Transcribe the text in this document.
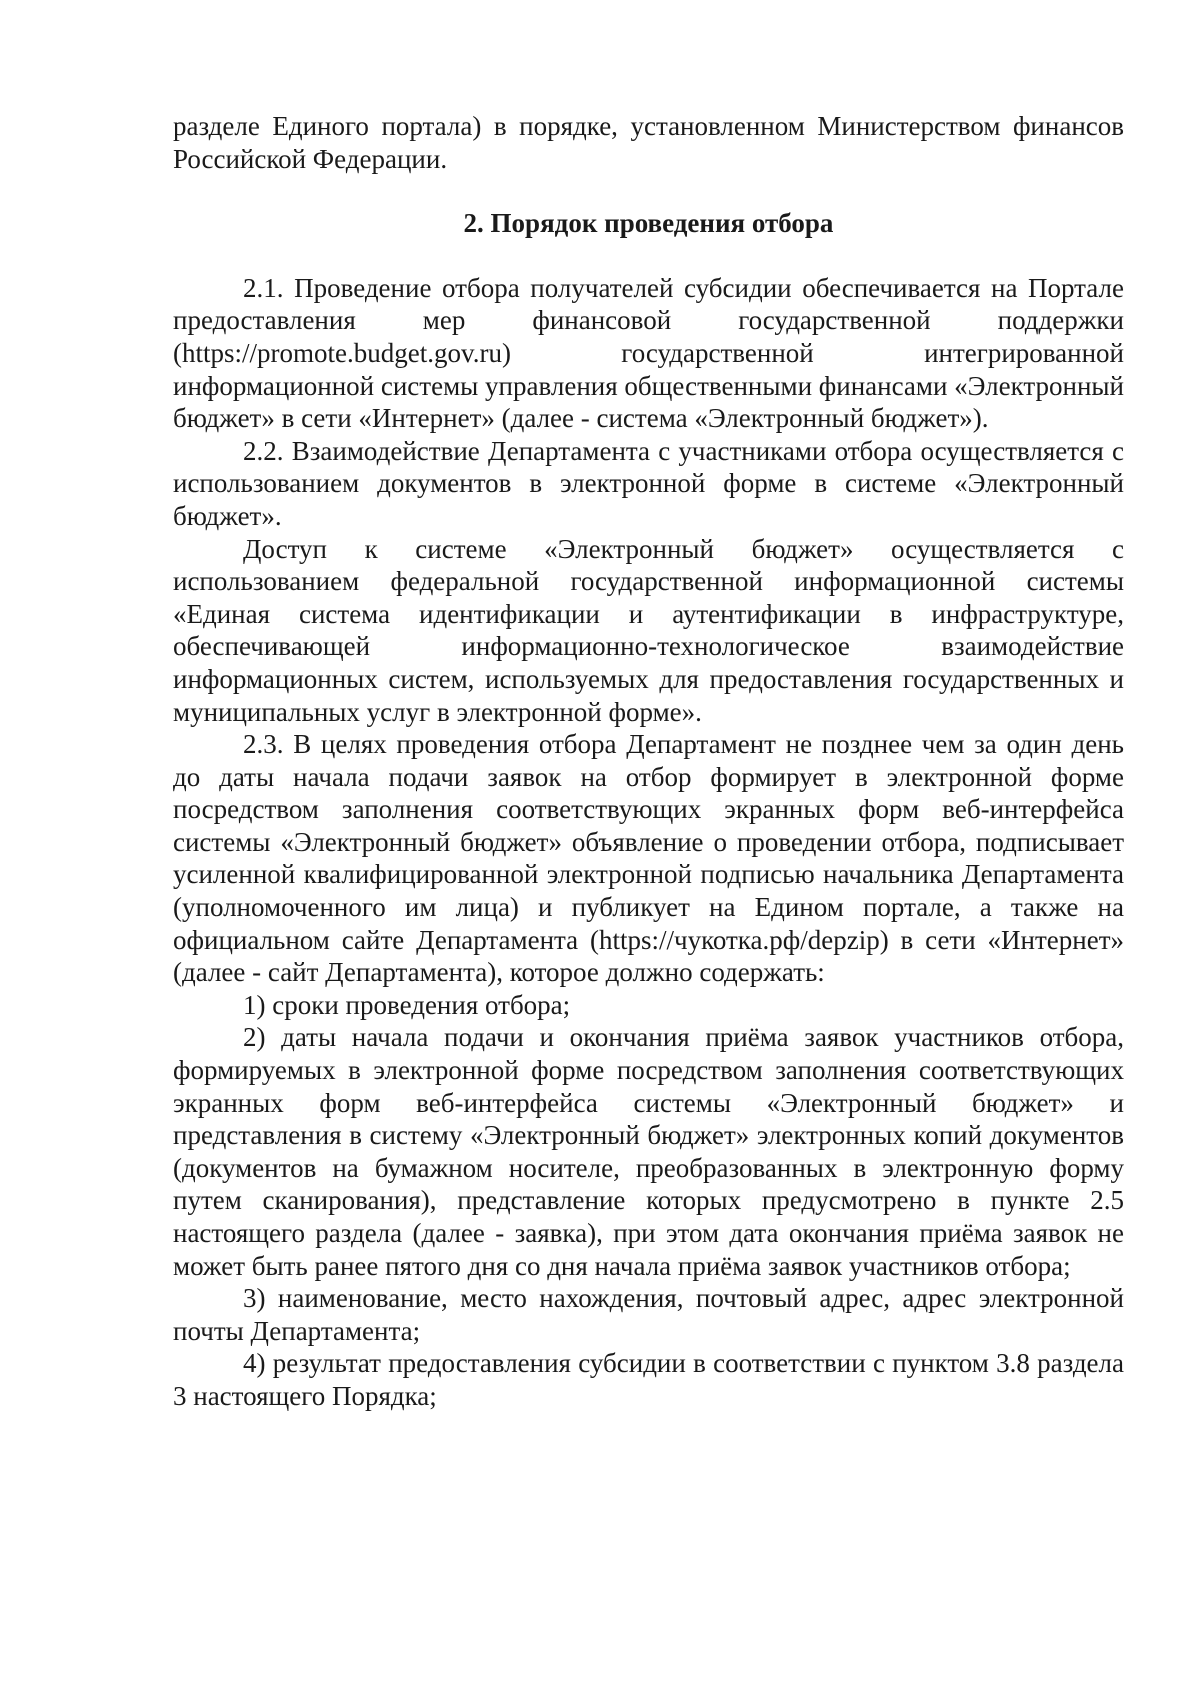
разделе Единого портала) в порядке, установленном Министерством финансов Российской Федерации.

2. Порядок проведения отбора

2.1. Проведение отбора получателей субсидии обеспечивается на Портале предоставления мер финансовой государственной поддержки (https://promote.budget.gov.ru) государственной интегрированной информационной системы управления общественными финансами «Электронный бюджет» в сети «Интернет» (далее - система «Электронный бюджет»).

2.2. Взаимодействие Департамента с участниками отбора осуществляется с использованием документов в электронной форме в системе «Электронный бюджет».

Доступ к системе «Электронный бюджет» осуществляется с использованием федеральной государственной информационной системы «Единая система идентификации и аутентификации в инфраструктуре, обеспечивающей информационно-технологическое взаимодействие информационных систем, используемых для предоставления государственных и муниципальных услуг в электронной форме».

2.3. В целях проведения отбора Департамент не позднее чем за один день до даты начала подачи заявок на отбор формирует в электронной форме посредством заполнения соответствующих экранных форм веб-интерфейса системы «Электронный бюджет» объявление о проведении отбора, подписывает усиленной квалифицированной электронной подписью начальника Департамента (уполномоченного им лица) и публикует на Едином портале, а также на официальном сайте Департамента (https://чукотка.рф/depzip) в сети «Интернет» (далее - сайт Департамента), которое должно содержать:

1) сроки проведения отбора;

2) даты начала подачи и окончания приёма заявок участников отбора, формируемых в электронной форме посредством заполнения соответствующих экранных форм веб-интерфейса системы «Электронный бюджет» и представления в систему «Электронный бюджет» электронных копий документов (документов на бумажном носителе, преобразованных в электронную форму путем сканирования), представление которых предусмотрено в пункте 2.5 настоящего раздела (далее - заявка), при этом дата окончания приёма заявок не может быть ранее пятого дня со дня начала приёма заявок участников отбора;

3) наименование, место нахождения, почтовый адрес, адрес электронной почты Департамента;

4) результат предоставления субсидии в соответствии с пунктом 3.8 раздела 3 настоящего Порядка;
